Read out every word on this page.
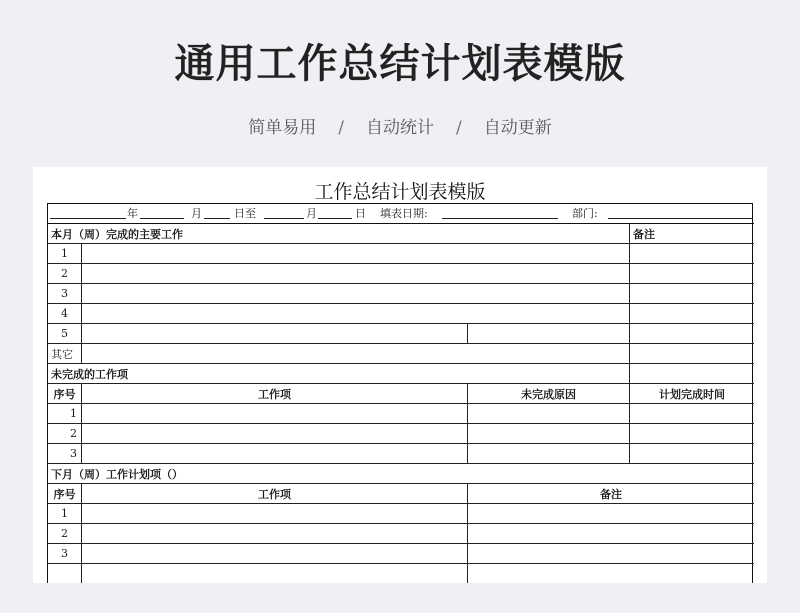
通用工作总结计划表模版
简单易用 / 自动统计 / 自动更新
工作总结计划表模版
年	月	日至	月	日 填表日期:	部门:
本月（周）完成的主要工作	备注
1
2
3
4
5
其它
未完成的工作项
序号	工作项	未完成原因	计划完成时间
1
2
3
下月（周）工作计划项（）
序号	工作项	备注
1
2
3
